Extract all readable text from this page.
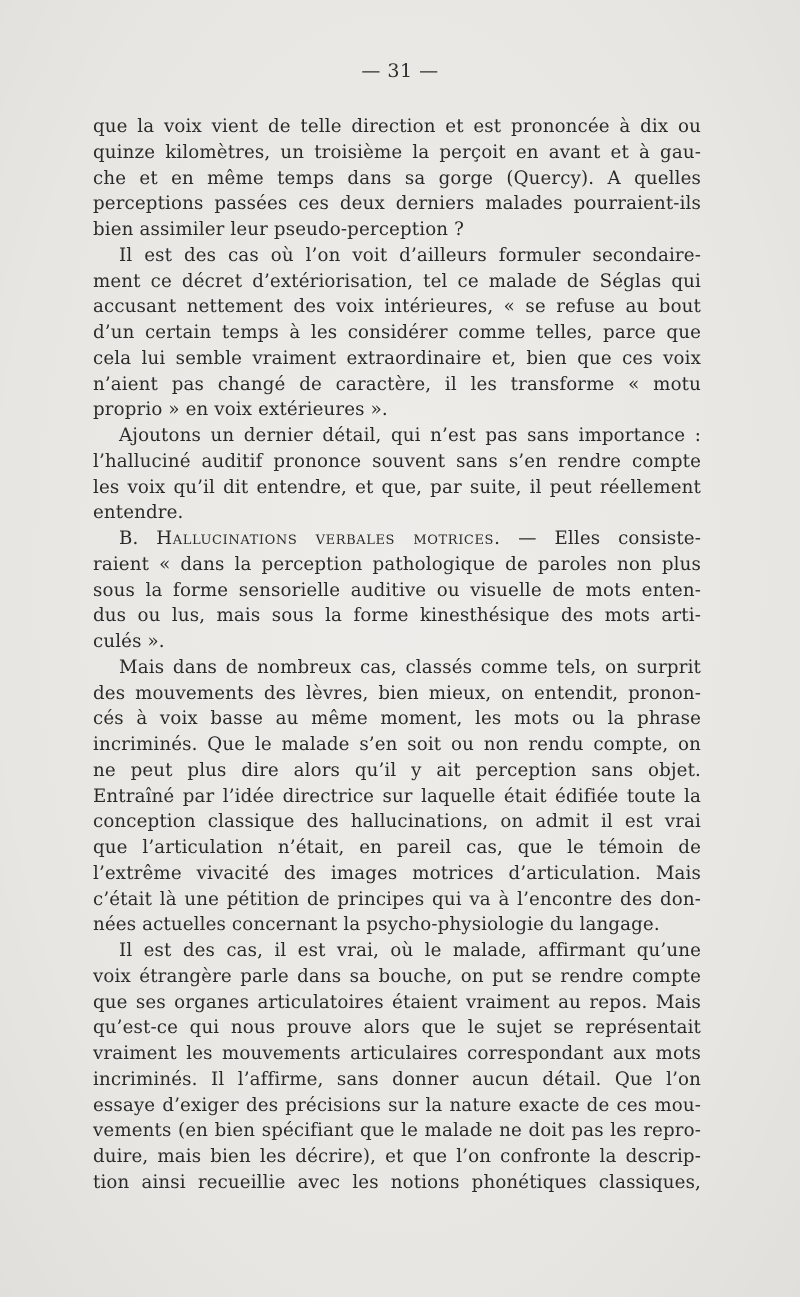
— 31 —
que la voix vient de telle direction et est prononcée à dix ou
quinze kilomètres, un troisième la perçoit en avant et à gau-
che et en même temps dans sa gorge (Quercy). A quelles
perceptions passées ces deux derniers malades pourraient-ils
bien assimiler leur pseudo-perception ?
Il est des cas où l’on voit d’ailleurs formuler secondaire-
ment ce décret d’extériorisation, tel ce malade de Séglas qui
accusant nettement des voix intérieures, « se refuse au bout
d’un certain temps à les considérer comme telles, parce que
cela lui semble vraiment extraordinaire et, bien que ces voix
n’aient pas changé de caractère, il les transforme « motu
proprio » en voix extérieures ».
Ajoutons un dernier détail, qui n’est pas sans importance :
l’halluciné auditif prononce souvent sans s’en rendre compte
les voix qu’il dit entendre, et que, par suite, il peut réellement
entendre.
B. Hallucinations verbales motrices. — Elles consiste-
raient « dans la perception pathologique de paroles non plus
sous la forme sensorielle auditive ou visuelle de mots enten-
dus ou lus, mais sous la forme kinesthésique des mots arti-
culés ».
Mais dans de nombreux cas, classés comme tels, on surprit
des mouvements des lèvres, bien mieux, on entendit, pronon-
cés à voix basse au même moment, les mots ou la phrase
incriminés. Que le malade s’en soit ou non rendu compte, on
ne peut plus dire alors qu’il y ait perception sans objet.
Entraîné par l’idée directrice sur laquelle était édifiée toute la
conception classique des hallucinations, on admit il est vrai
que l’articulation n’était, en pareil cas, que le témoin de
l’extrême vivacité des images motrices d’articulation. Mais
c’était là une pétition de principes qui va à l’encontre des don-
nées actuelles concernant la psycho-physiologie du langage.
Il est des cas, il est vrai, où le malade, affirmant qu’une
voix étrangère parle dans sa bouche, on put se rendre compte
que ses organes articulatoires étaient vraiment au repos. Mais
qu’est-ce qui nous prouve alors que le sujet se représentait
vraiment les mouvements articulaires correspondant aux mots
incriminés. Il l’affirme, sans donner aucun détail. Que l’on
essaye d’exiger des précisions sur la nature exacte de ces mou-
vements (en bien spécifiant que le malade ne doit pas les repro-
duire, mais bien les décrire), et que l’on confronte la descrip-
tion ainsi recueillie avec les notions phonétiques classiques,
